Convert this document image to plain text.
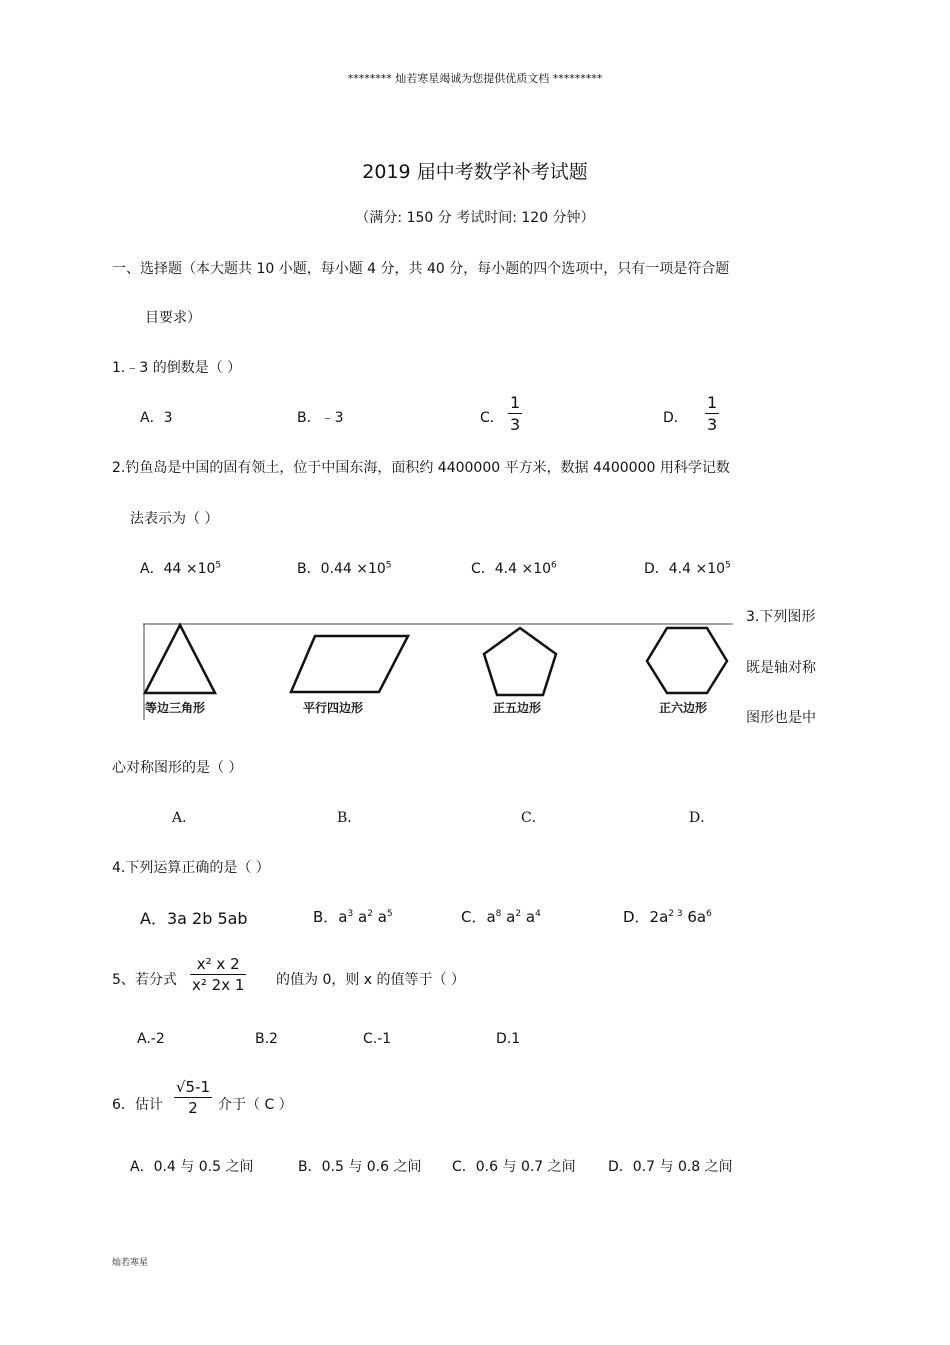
******** 灿若寒星竭诚为您提供优质文档 *********
2019 届中考数学补考试题
（满分: 150 分 考试时间: 120 分钟）
一、选择题（本大题共 10 小题，每小题 4 分，共 40 分，每小题的四个选项中，只有一项是符合题
目要求）
1.﹣3 的倒数是（ ）
A．3	B．﹣3	C．
1
3	D．
1
3
2.钓鱼岛是中国的固有领土，位于中国东海，面积约 4400000 平方米，数据 4400000 用科学记数
法表示为（ ）
A．$44 \times 10^5$	B．$0.44 \times 10^5$	C．$4.4 \times 10^6$	D．$4.4 \times 10^5$
等边三角形	平行四边形	正五边形	正六边形
3.下列图形
既是轴对称
图形也是中
心对称图形的是（ ）
A．	B．	C．	D．
4.下列运算正确的是（ ）
A．3a 2b 5ab	B．$a^3$ $a^2$ $a^5$	C．$a^8$ $a^2$ $a^4$	D．$2a^{2 3}$ $6a^6$
5、若分式
x² x 2
x² 2x 1 的值为 0，则 x 的值等于（ ）
A.-2	B.2	C.-1	D.1
6．估计
√5-1
2	介于（ C ）
A．0.4 与 0.5 之间	B．0.5 与 0.6 之间 C．0.6 与 0.7 之间 D．0.7 与 0.8 之间
灿若寒星
